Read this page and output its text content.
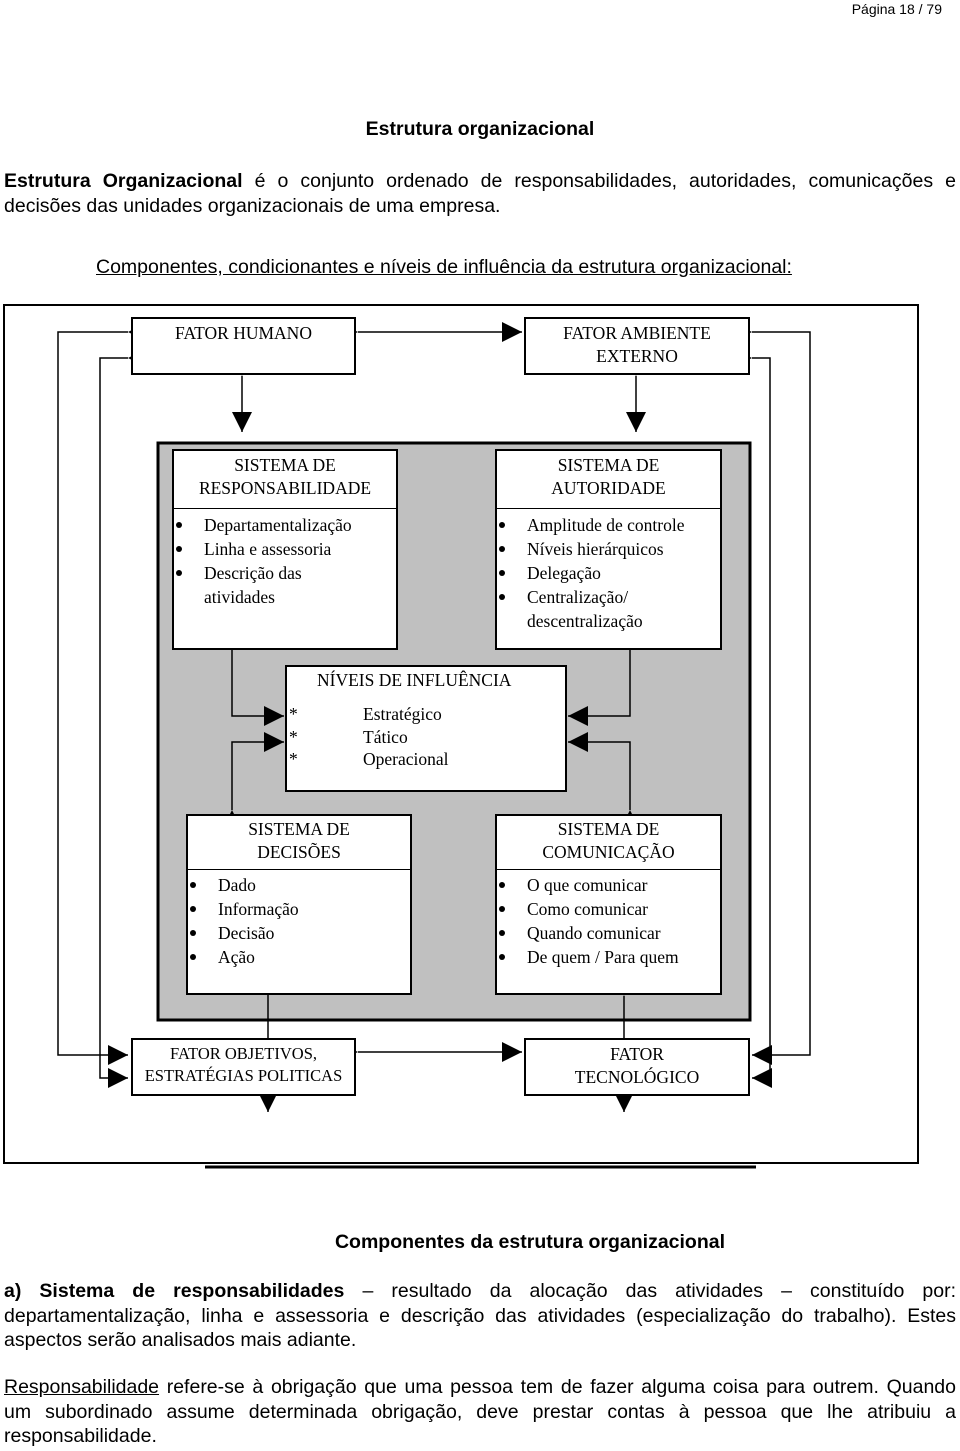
Página 18 / 79
Estrutura organizacional
Estrutura Organizacional é o conjunto ordenado de responsabilidades, autoridades, comunicações e decisões das unidades organizacionais de uma empresa.
Componentes, condicionantes e níveis de influência da estrutura organizacional:
FATOR HUMANO	FATOR AMBIENTE
EXTERNO
SISTEMA DE
RESPONSABILIDADE
Departamentalização
Linha e assessoria
Descrição das
atividades
SISTEMA DE
AUTORIDADE
Amplitude de controle
Níveis hierárquicos
Delegação
Centralização/
descentralização
NÍVEIS DE INFLUÊNCIA
*	Estratégico
*	Tático
*	Operacional
SISTEMA DE
DECISÕES
Dado
Informação
Decisão
Ação
SISTEMA DE
COMUNICAÇÃO
O que comunicar
Como comunicar
Quando comunicar
De quem / Para quem
FATOR OBJETIVOS,
ESTRATÉGIAS POLITICAS
FATOR
TECNOLÓGICO
Componentes da estrutura organizacional
a) Sistema de responsabilidades – resultado da alocação das atividades – constituído por: departamentalização, linha e assessoria e descrição das atividades (especialização do trabalho). Estes aspectos serão analisados mais adiante.
Responsabilidade refere-se à obrigação que uma pessoa tem de fazer alguma coisa para outrem. Quando um subordinado assume determinada obrigação, deve prestar contas à pessoa que lhe atribuiu a responsabilidade.
